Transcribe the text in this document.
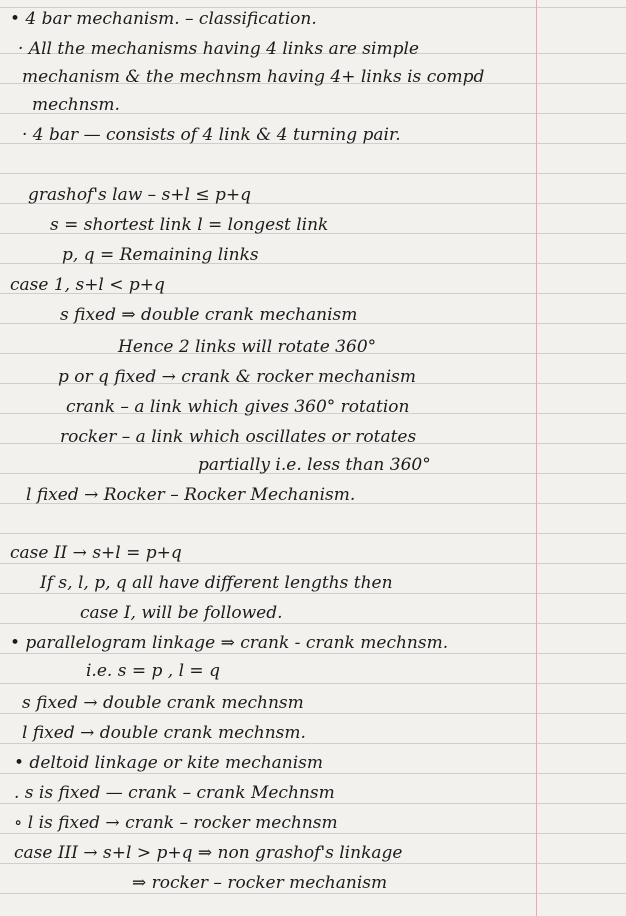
• 4 bar mechanism. – classification.
· All the mechanisms having 4 links are simple
mechanism & the mechnsm having 4+ links is compd
mechnsm.
· 4 bar — consists of 4 link & 4 turning pair.
grashof's law – s+l ≤ p+q
s = shortest link l = longest link
p, q = Remaining links
case 1, s+l < p+q
s fixed ⇒ double crank mechanism
Hence 2 links will rotate 360°
p or q fixed → crank & rocker mechanism
crank – a link which gives 360° rotation
rocker – a link which oscillates or rotates
partially i.e. less than 360°
l fixed → Rocker – Rocker Mechanism.
case II → s+l = p+q
If s, l, p, q all have different lengths then
case I, will be followed.
• parallelogram linkage ⇒ crank - crank mechnsm.
i.e. s = p , l = q
s fixed → double crank mechnsm
l fixed → double crank mechnsm.
• deltoid linkage or kite mechanism
. s is fixed — crank – crank Mechnsm
∘ l is fixed → crank – rocker mechnsm
case III → s+l > p+q ⇒ non grashof's linkage
⇒ rocker – rocker mechanism
